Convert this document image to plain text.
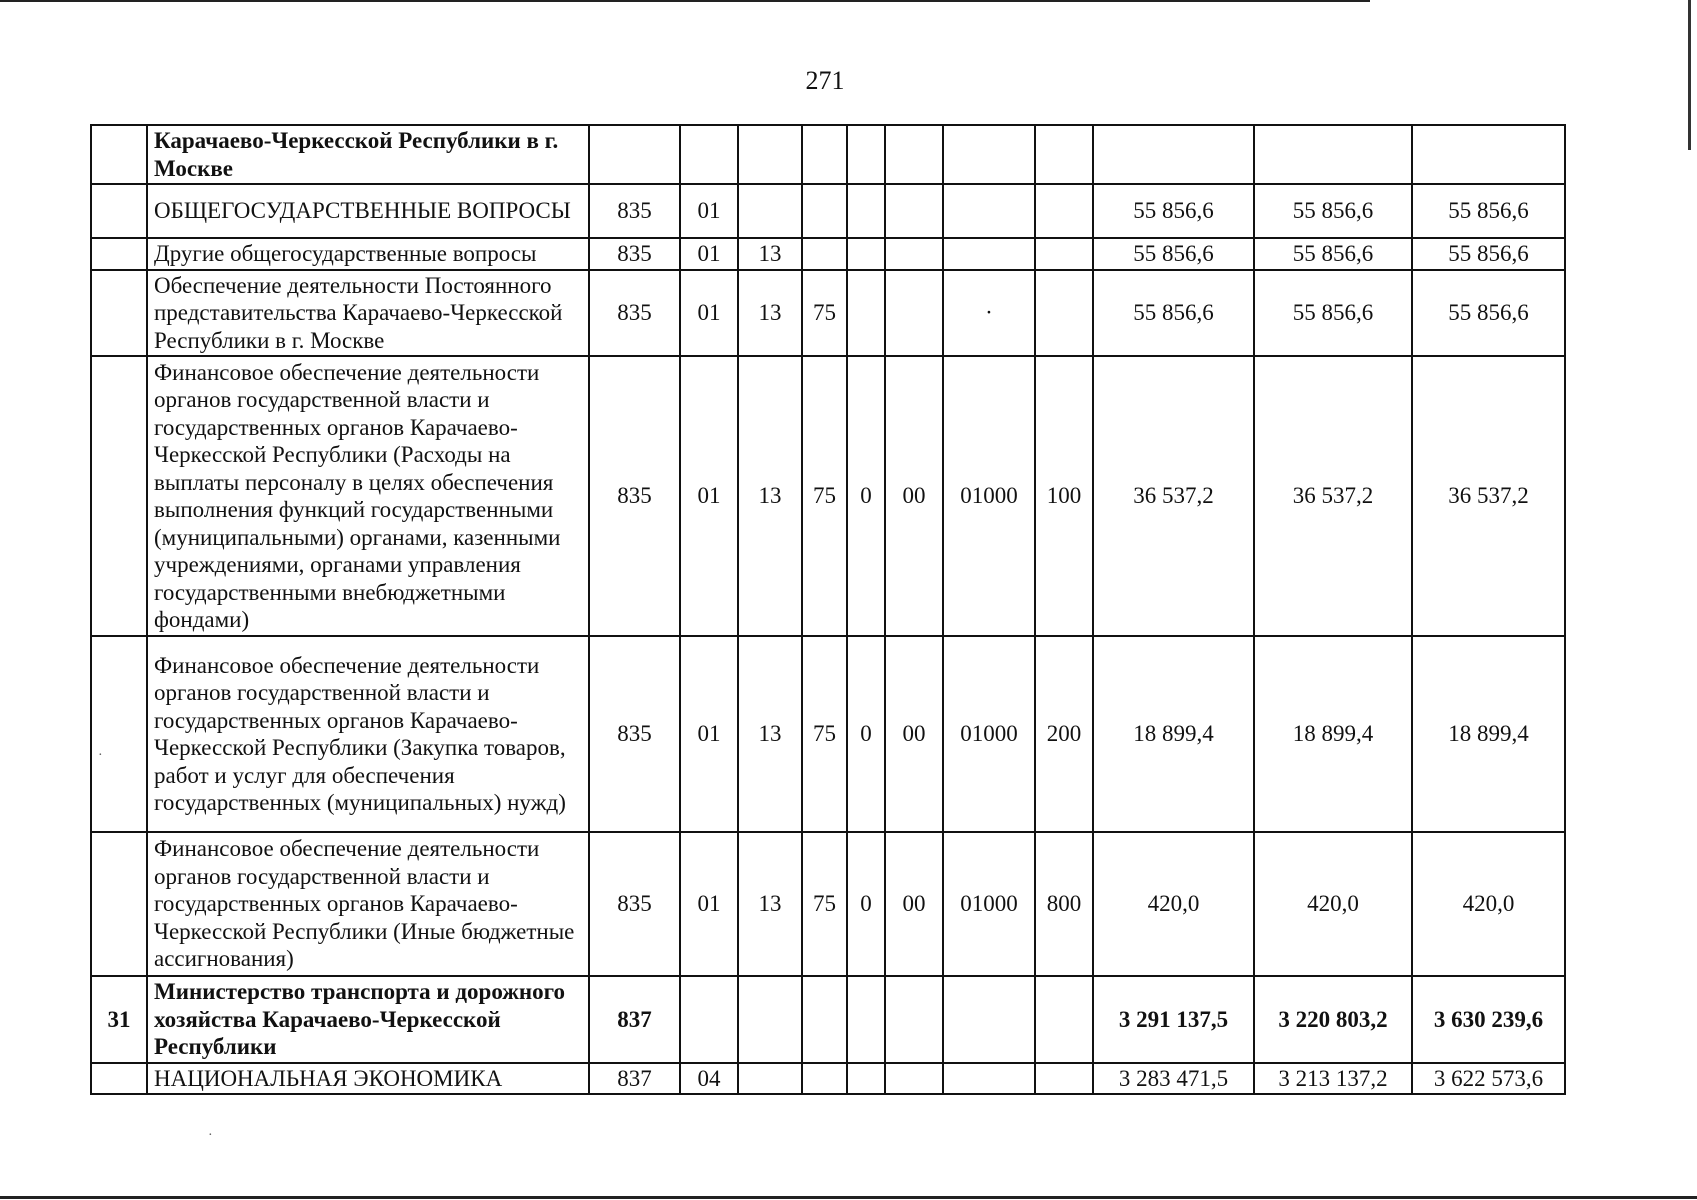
271
	Карачаево-Черкесской Республики в г. Москве											
	ОБЩЕГОСУДАРСТВЕННЫЕ ВОПРОСЫ	835	01							55 856,6	55 856,6	55 856,6
	Другие общегосударственные вопросы	835	01	13						55 856,6	55 856,6	55 856,6
	Обеспечение деятельности Постоянного представительства Карачаево-Черкесской Республики в г. Москве	835	01	13	75			·		55 856,6	55 856,6	55 856,6
	Финансовое обеспечение деятельности органов государственной власти и государственных органов Карачаево-Черкесской Республики (Расходы на выплаты персоналу в целях обеспечения выполнения функций государственными (муниципальными) органами, казенными учреждениями, органами управления государственными внебюджетными фондами)	835	01	13	75	0	00	01000	100	36 537,2	36 537,2	36 537,2
	Финансовое обеспечение деятельности органов государственной власти и государственных органов Карачаево-Черкесской Республики (Закупка товаров, работ и услуг для обеспечения государственных (муниципальных) нужд)	835	01	13	75	0	00	01000	200	18 899,4	18 899,4	18 899,4
	Финансовое обеспечение деятельности органов государственной власти и государственных органов Карачаево-Черкесской Республики (Иные бюджетные ассигнования)	835	01	13	75	0	00	01000	800	420,0	420,0	420,0
31	Министерство транспорта и дорожного хозяйства Карачаево-Черкесской Республики	837								3 291 137,5	3 220 803,2	3 630 239,6
	НАЦИОНАЛЬНАЯ ЭКОНОМИКА	837	04							3 283 471,5	3 213 137,2	3 622 573,6
·
·
